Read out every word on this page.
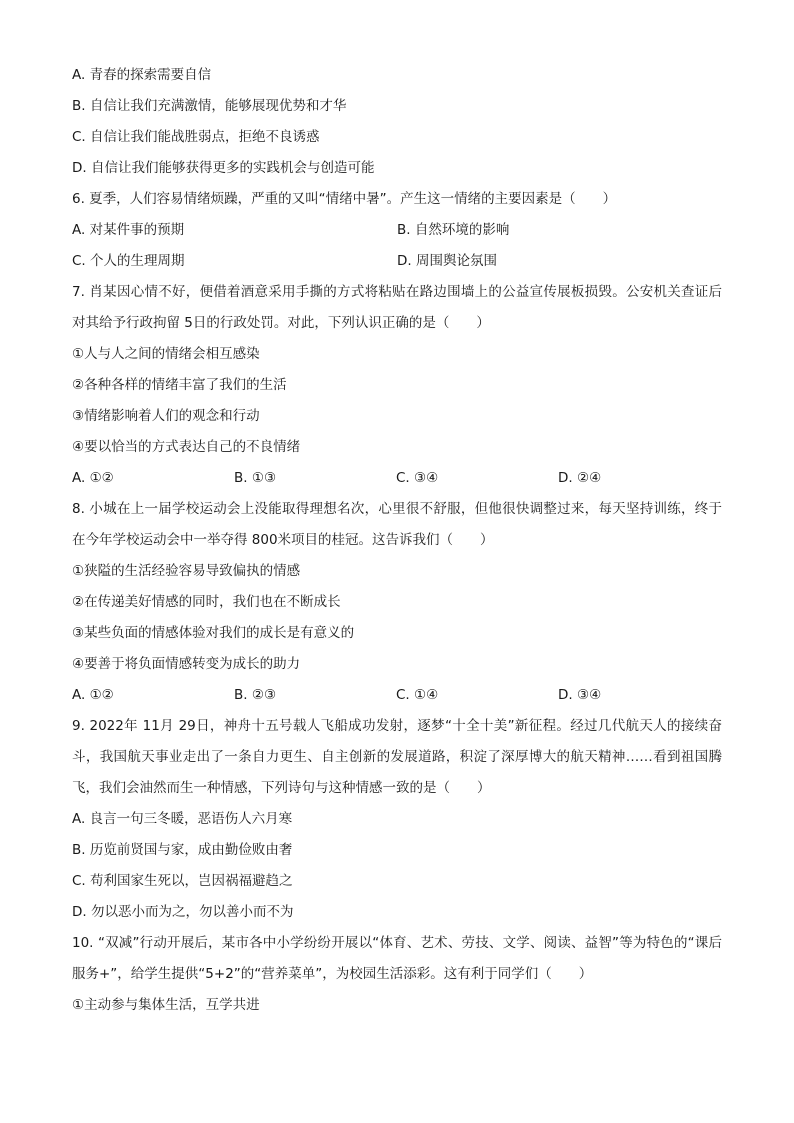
A. 青春的探索需要自信
B. 自信让我们充满激情，能够展现优势和才华
C. 自信让我们能战胜弱点，拒绝不良诱惑
D. 自信让我们能够获得更多的实践机会与创造可能
6. 夏季，人们容易情绪烦躁，严重的又叫“情绪中暑”。产生这一情绪的主要因素是（　　）
A. 对某件事的预期	B. 自然环境的影响
C. 个人的生理周期	D. 周围舆论氛围
7. 肖某因心情不好，便借着酒意采用手撕的方式将粘贴在路边围墙上的公益宣传展板损毁。公安机关查证后对其给予行政拘留 5日的行政处罚。对此，下列认识正确的是（　　）
①人与人之间的情绪会相互感染
②各种各样的情绪丰富了我们的生活
③情绪影响着人们的观念和行动
④要以恰当的方式表达自己的不良情绪
A. ①②	B. ①③	C. ③④	D. ②④
8. 小城在上一届学校运动会上没能取得理想名次，心里很不舒服，但他很快调整过来，每天坚持训练，终于在今年学校运动会中一举夺得 800米项目的桂冠。这告诉我们（　　）
①狭隘的生活经验容易导致偏执的情感
②在传递美好情感的同时，我们也在不断成长
③某些负面的情感体验对我们的成长是有意义的
④要善于将负面情感转变为成长的助力
A. ①②	B. ②③	C. ①④	D. ③④
9. 2022年 11月 29日，神舟十五号载人飞船成功发射，逐梦“十全十美”新征程。经过几代航天人的接续奋斗，我国航天事业走出了一条自力更生、自主创新的发展道路，积淀了深厚博大的航天精神……看到祖国腾飞，我们会油然而生一种情感，下列诗句与这种情感一致的是（　　）
A. 良言一句三冬暖，恶语伤人六月寒
B. 历览前贤国与家，成由勤俭败由奢
C. 苟利国家生死以，岂因祸福避趋之
D. 勿以恶小而为之，勿以善小而不为
10. “双减”行动开展后，某市各中小学纷纷开展以“体育、艺术、劳技、文学、阅读、益智”等为特色的“课后服务+”，给学生提供“5+2”的“营养菜单”，为校园生活添彩。这有利于同学们（　　）
①主动参与集体生活，互学共进
